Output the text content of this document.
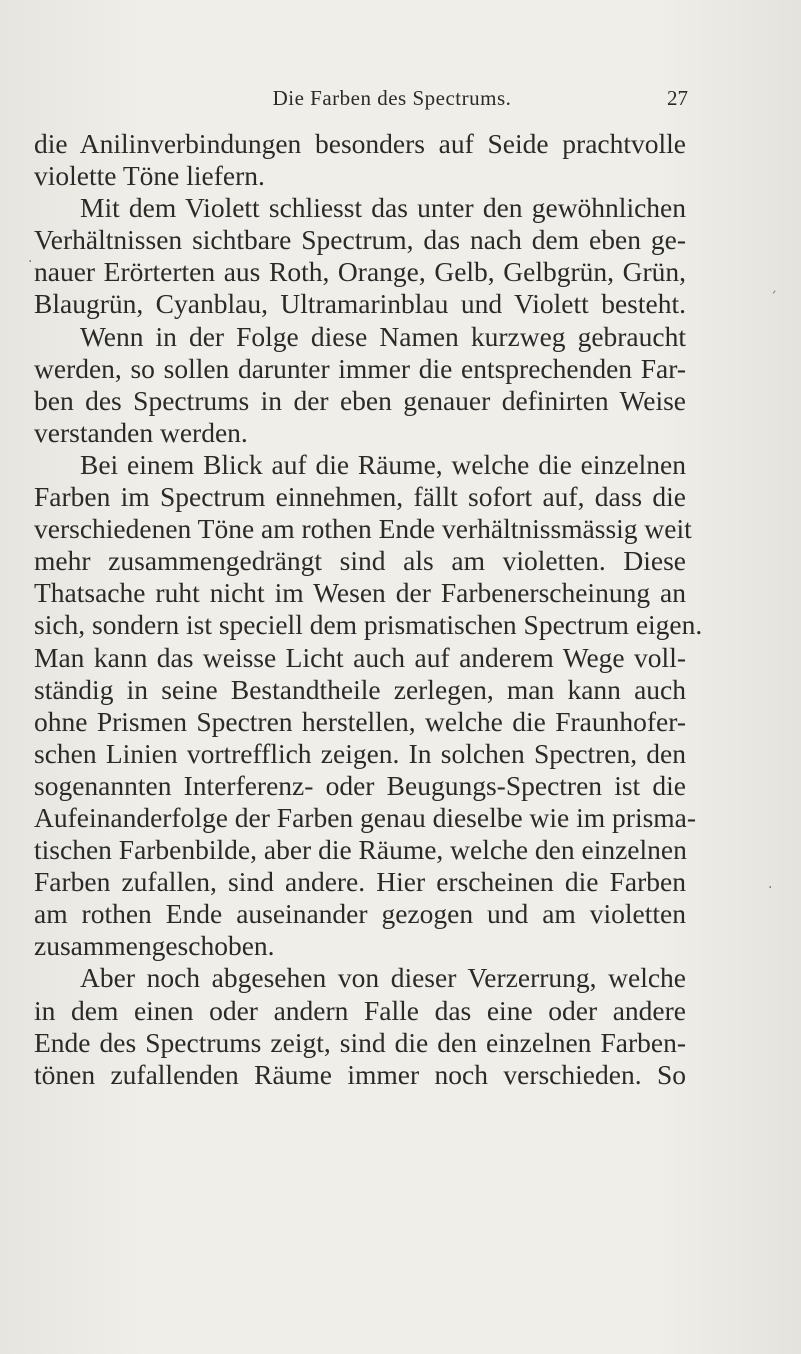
Die Farben des Spectrums.	27
die Anilinverbindungen besonders auf Seide prachtvolle
violette Töne liefern.
Mit dem Violett schliesst das unter den gewöhnlichen
Verhältnissen sichtbare Spectrum, das nach dem eben ge-
nauer Erörterten aus Roth, Orange, Gelb, Gelbgrün, Grün,
Blaugrün, Cyanblau, Ultramarinblau und Violett besteht.
Wenn in der Folge diese Namen kurzweg gebraucht
werden, so sollen darunter immer die entsprechenden Far-
ben des Spectrums in der eben genauer definirten Weise
verstanden werden.
Bei einem Blick auf die Räume, welche die einzelnen
Farben im Spectrum einnehmen, fällt sofort auf, dass die
verschiedenen Töne am rothen Ende verhältnissmässig weit
mehr zusammengedrängt sind als am violetten. Diese
Thatsache ruht nicht im Wesen der Farbenerscheinung an
sich, sondern ist speciell dem prismatischen Spectrum eigen.
Man kann das weisse Licht auch auf anderem Wege voll-
ständig in seine Bestandtheile zerlegen, man kann auch
ohne Prismen Spectren herstellen, welche die Fraunhofer-
schen Linien vortrefflich zeigen. In solchen Spectren, den
sogenannten Interferenz- oder Beugungs-Spectren ist die
Aufeinanderfolge der Farben genau dieselbe wie im prisma-
tischen Farbenbilde, aber die Räume, welche den einzelnen
Farben zufallen, sind andere. Hier erscheinen die Farben
am rothen Ende auseinander gezogen und am violetten
zusammengeschoben.
Aber noch abgesehen von dieser Verzerrung, welche
in dem einen oder andern Falle das eine oder andere
Ende des Spectrums zeigt, sind die den einzelnen Farben-
tönen zufallenden Räume immer noch verschieden. So
·
ˏ
·
